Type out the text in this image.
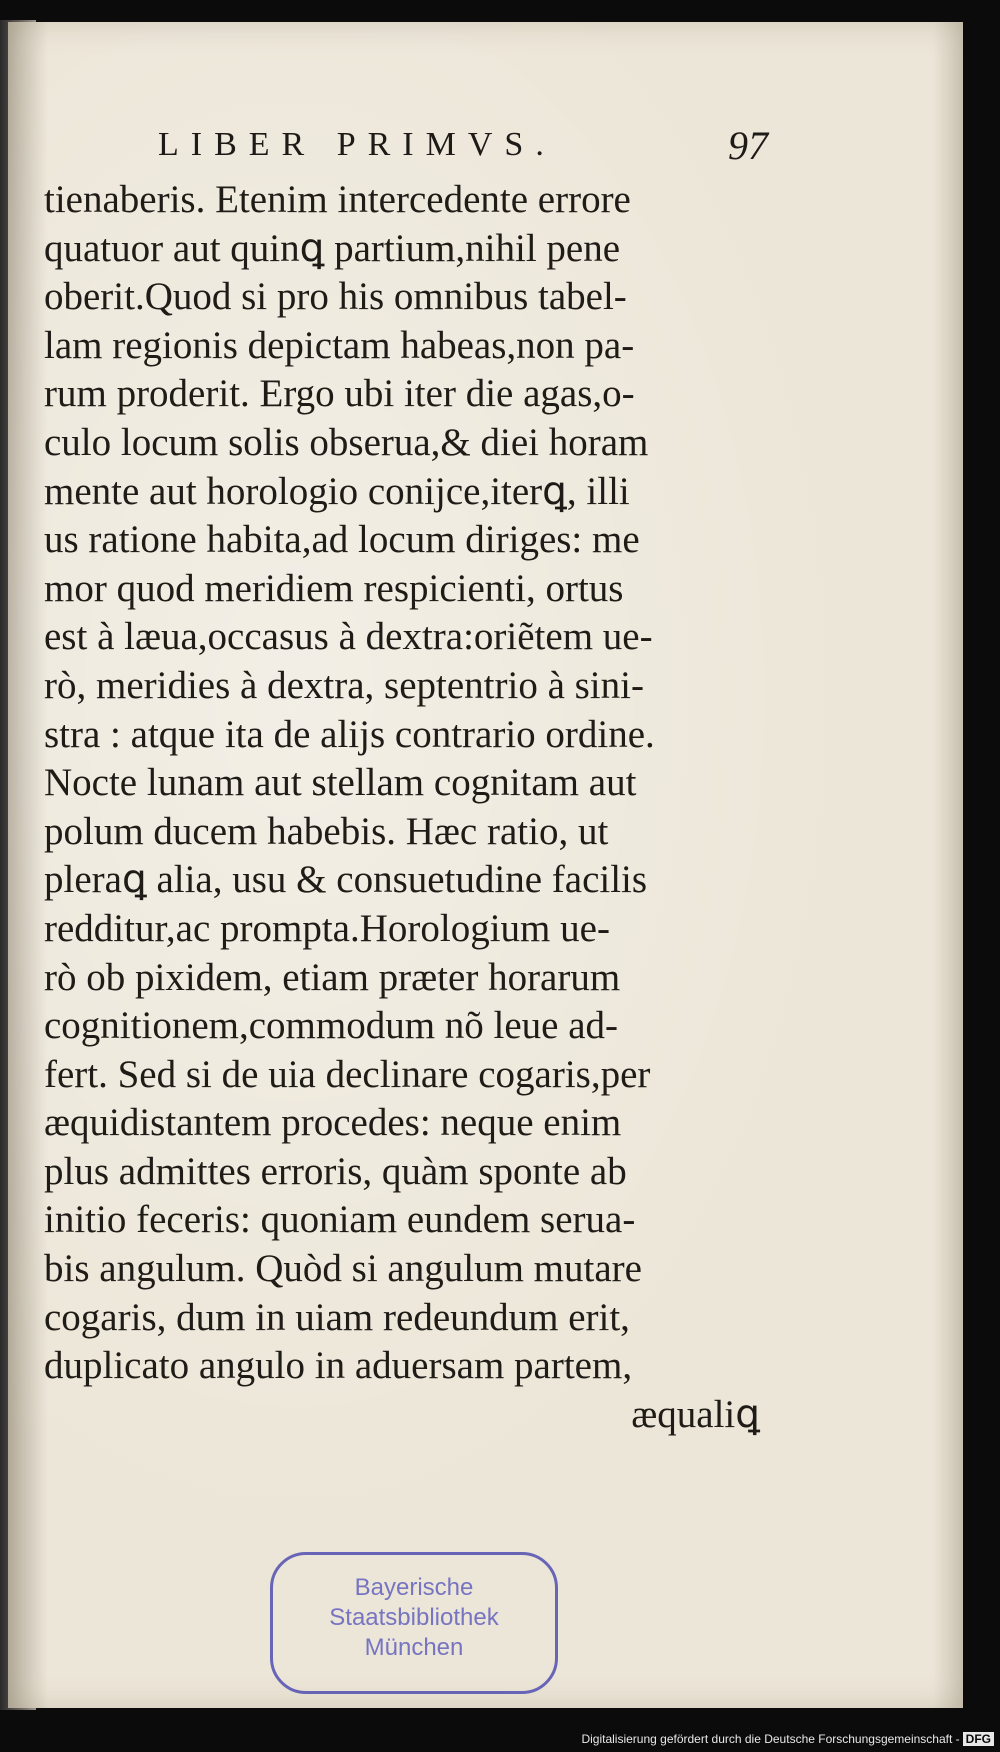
LIBER PRIMVS.	97
tienaberis. Etenim intercedente errore
quatuor aut quinꝗ partium,nihil pene
oberit.Quod si pro his omnibus tabel-
lam regionis depictam habeas,non pa-
rum proderit. Ergo ubi iter die agas,o-
culo locum solis obserua,& diei horam
mente aut horologio conijce,iterꝗ, illi
us ratione habita,ad locum diriges: me
mor quod meridiem respicienti, ortus
est à læua,occasus à dextra:oriẽtem ue-
rò, meridies à dextra, septentrio à sini-
stra : atque ita de alijs contrario ordine.
Nocte lunam aut stellam cognitam aut
polum ducem habebis. Hæc ratio, ut
pleraꝗ alia, usu & consuetudine facilis
redditur,ac prompta.Horologium ue-
rò ob pixidem, etiam præter horarum
cognitionem,commodum nõ leue ad-
fert. Sed si de uia declinare cogaris,per
æquidistantem procedes: neque enim
plus admittes erroris, quàm sponte ab
initio feceris: quoniam eundem serua-
bis angulum. Quòd si angulum mutare
cogaris, dum in uiam redeundum erit,
duplicato angulo in aduersam partem,
æqualiꝗ
Bayerische
Staatsbibliothek
München
Digitalisierung gefördert durch die Deutsche Forschungsgemeinschaft - DFG
